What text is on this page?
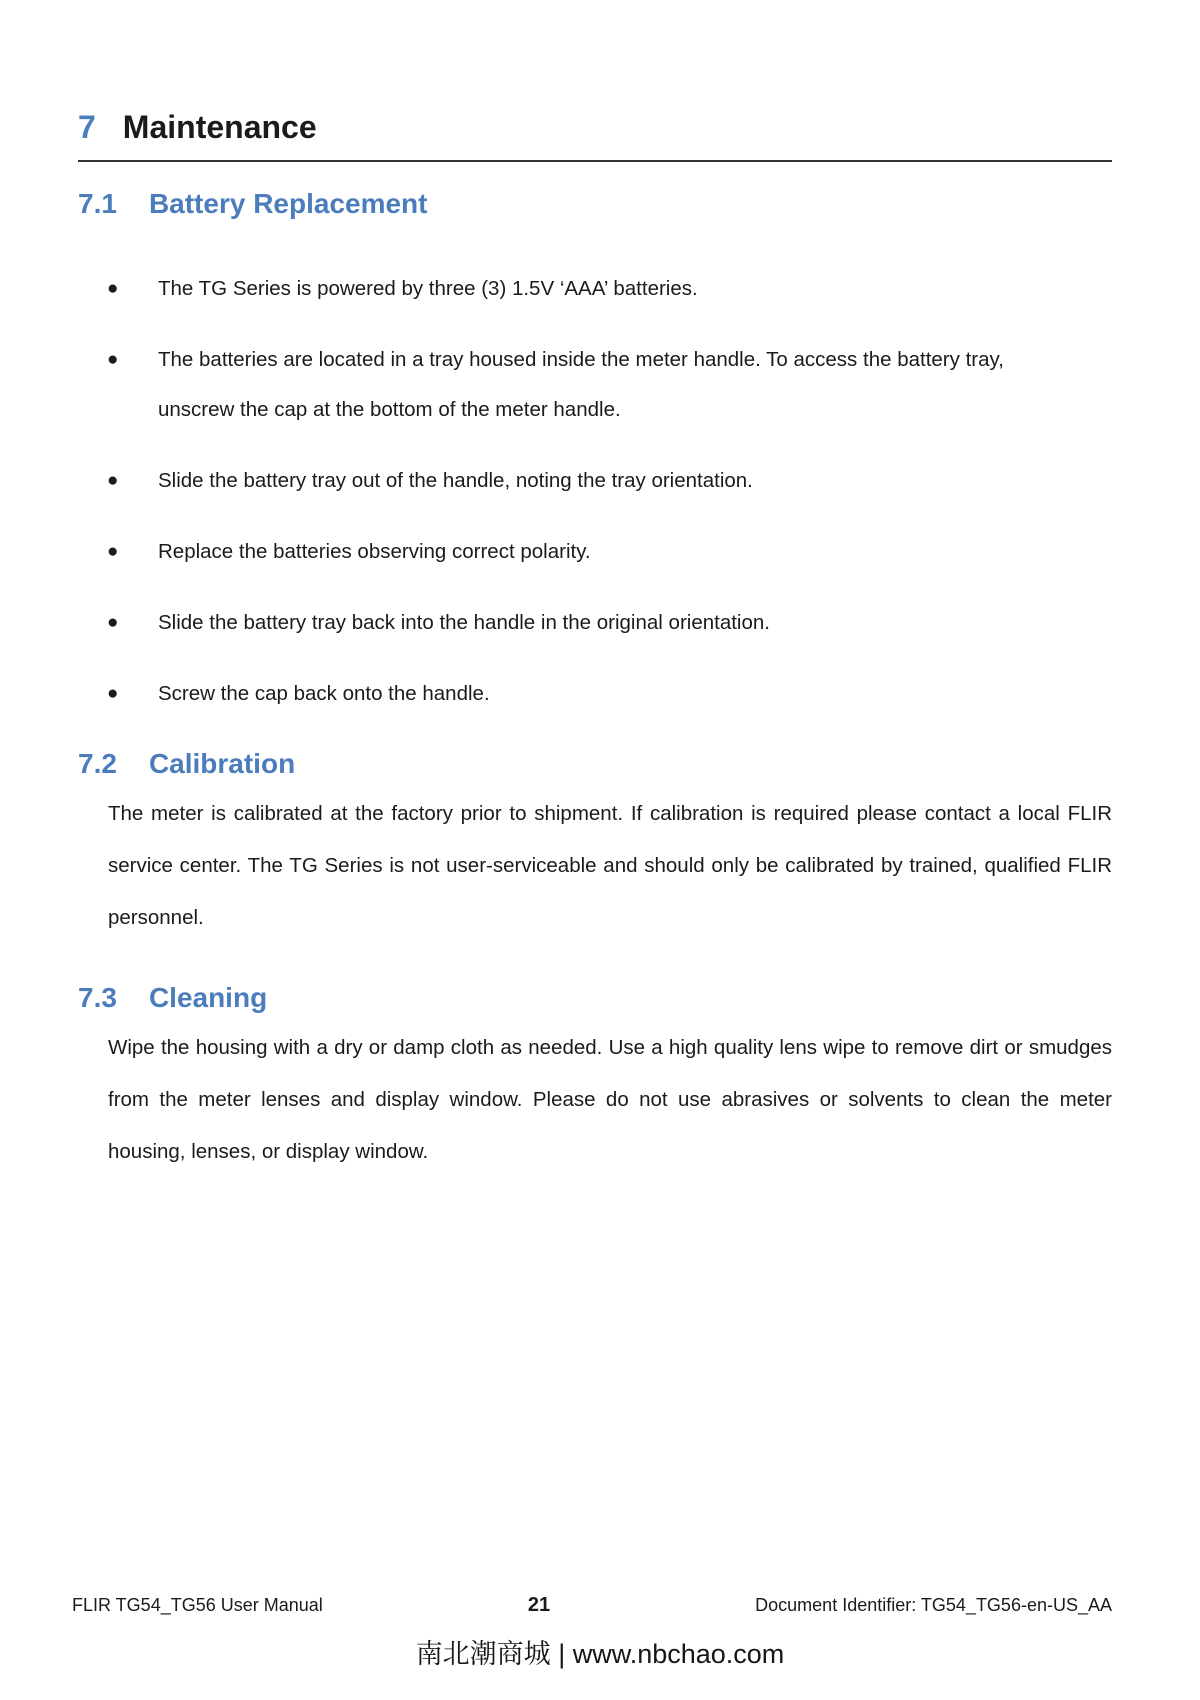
7 Maintenance
7.1 Battery Replacement
●	The TG Series is powered by three (3) 1.5V ‘AAA’ batteries.
●	The batteries are located in a tray housed inside the meter handle. To access the battery tray, unscrew the cap at the bottom of the meter handle.
●	Slide the battery tray out of the handle, noting the tray orientation.
●	Replace the batteries observing correct polarity.
●	Slide the battery tray back into the handle in the original orientation.
●	Screw the cap back onto the handle.
7.2 Calibration

The meter is calibrated at the factory prior to shipment. If calibration is required please contact a local FLIR service center. The TG Series is not user-serviceable and should only be calibrated by trained, qualified FLIR personnel.

7.3 Cleaning

Wipe the housing with a dry or damp cloth as needed. Use a high quality lens wipe to remove dirt or smudges from the meter lenses and display window. Please do not use abrasives or solvents to clean the meter housing, lenses, or display window.

FLIR TG54_TG56 User Manual	21	Document Identifier: TG54_TG56-en-US_AA
南北潮商城 | www.nbchao.com
